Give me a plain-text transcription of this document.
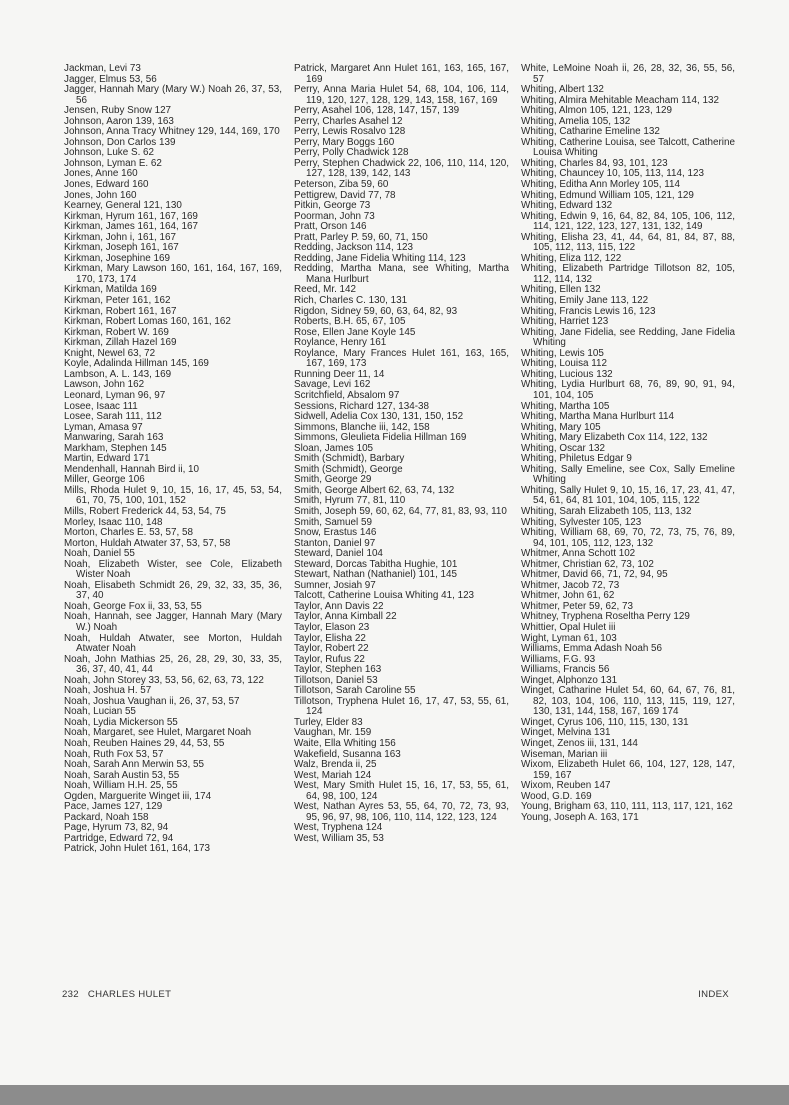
Jackman, Levi 73
Jagger, Elmus 53, 56
Jagger, Hannah Mary (Mary W.) Noah 26, 37, 53, 56
Jensen, Ruby Snow 127
Johnson, Aaron 139, 163
Johnson, Anna Tracy Whitney 129, 144, 169, 170
Johnson, Don Carlos 139
Johnson, Luke S. 62
Johnson, Lyman E. 62
Jones, Anne 160
Jones, Edward 160
Jones, John 160
Kearney, General 121, 130
Kirkman, Hyrum 161, 167, 169
Kirkman, James 161, 164, 167
Kirkman, John i, 161, 167
Kirkman, Joseph 161, 167
Kirkman, Josephine 169
Kirkman, Mary Lawson 160, 161, 164, 167, 169, 170, 173, 174
Kirkman, Matilda 169
Kirkman, Peter 161, 162
Kirkman, Robert 161, 167
Kirkman, Robert Lomas 160, 161, 162
Kirkman, Robert W. 169
Kirkman, Zillah Hazel 169
Knight, Newel 63, 72
Koyle, Adalinda Hillman 145, 169
Lambson, A. L. 143, 169
Lawson, John 162
Leonard, Lyman 96, 97
Losee, Isaac 111
Losee, Sarah 111, 112
Lyman, Amasa 97
Manwaring, Sarah 163
Markham, Stephen 145
Martin, Edward 171
Mendenhall, Hannah Bird ii, 10
Miller, George 106
Mills, Rhoda Hulet 9, 10, 15, 16, 17, 45, 53, 54, 61, 70, 75, 100, 101, 152
Mills, Robert Frederick 44, 53, 54, 75
Morley, Isaac 110, 148
Morton, Charles E. 53, 57, 58
Morton, Huldah Atwater 37, 53, 57, 58
Noah, Daniel 55
Noah, Elizabeth Wister, see Cole, Elizabeth Wister Noah
Noah, Elisabeth Schmidt 26, 29, 32, 33, 35, 36, 37, 40
Noah, George Fox ii, 33, 53, 55
Noah, Hannah, see Jagger, Hannah Mary (Mary W.) Noah
Noah, Huldah Atwater, see Morton, Huldah Atwater Noah
Noah, John Mathias 25, 26, 28, 29, 30, 33, 35, 36, 37, 40, 41, 44
Noah, John Storey 33, 53, 56, 62, 63, 73, 122
Noah, Joshua H. 57
Noah, Joshua Vaughan ii, 26, 37, 53, 57
Noah, Lucian 55
Noah, Lydia Mickerson 55
Noah, Margaret, see Hulet, Margaret Noah
Noah, Reuben Haines 29, 44, 53, 55
Noah, Ruth Fox 53, 57
Noah, Sarah Ann Merwin 53, 55
Noah, Sarah Austin 53, 55
Noah, William H.H. 25, 55
Ogden, Marguerite Winget iii, 174
Pace, James 127, 129
Packard, Noah 158
Page, Hyrum 73, 82, 94
Partridge, Edward 72, 94
Patrick, John Hulet 161, 164, 173
Patrick, Margaret Ann Hulet 161, 163, 165, 167, 169
Perry, Anna Maria Hulet 54, 68, 104, 106, 114, 119, 120, 127, 128, 129, 143, 158, 167, 169
Perry, Asahel 106, 128, 147, 157, 139
Perry, Charles Asahel 12
Perry, Lewis Rosalvo 128
Perry, Mary Boggs 160
Perry, Polly Chadwick 128
Perry, Stephen Chadwick 22, 106, 110, 114, 120, 127, 128, 139, 142, 143
Peterson, Ziba 59, 60
Pettigrew, David 77, 78
Pitkin, George 73
Poorman, John 73
Pratt, Orson 146
Pratt, Parley P. 59, 60, 71, 150
Redding, Jackson 114, 123
Redding, Jane Fidelia Whiting 114, 123
Redding, Martha Mana, see Whiting, Martha Mana Hurlburt
Reed, Mr. 142
Rich, Charles C. 130, 131
Rigdon, Sidney 59, 60, 63, 64, 82, 93
Roberts, B.H. 65, 67, 105
Rose, Ellen Jane Koyle 145
Roylance, Henry 161
Roylance, Mary Frances Hulet 161, 163, 165, 167, 169, 173
Running Deer 11, 14
Savage, Levi 162
Scritchfield, Absalom 97
Sessions, Richard 127, 134-38
Sidwell, Adelia Cox 130, 131, 150, 152
Simmons, Blanche iii, 142, 158
Simmons, Gleulieta Fidelia Hillman 169
Sloan, James 105
Smith (Schmidt), Barbary
Smith (Schmidt), George
Smith, George 29
Smith, George Albert 62, 63, 74, 132
Smith, Hyrum 77, 81, 110
Smith, Joseph 59, 60, 62, 64, 77, 81, 83, 93, 110
Smith, Samuel 59
Snow, Erastus 146
Stanton, Daniel 97
Steward, Daniel 104
Steward, Dorcas Tabitha Hughie, 101
Stewart, Nathan (Nathaniel) 101, 145
Sumner, Josiah 97
Talcott, Catherine Louisa Whiting 41, 123
Taylor, Ann Davis 22
Taylor, Anna Kimball 22
Taylor, Elason 23
Taylor, Elisha 22
Taylor, Robert 22
Taylor, Rufus 22
Taylor, Stephen 163
Tillotson, Daniel 53
Tillotson, Sarah Caroline 55
Tillotson, Tryphena Hulet 16, 17, 47, 53, 55, 61, 124
Turley, Elder 83
Vaughan, Mr. 159
Waite, Ella Whiting 156
Wakefield, Susanna 163
Walz, Brenda ii, 25
West, Mariah 124
West, Mary Smith Hulet 15, 16, 17, 53, 55, 61, 64, 98, 100, 124
West, Nathan Ayres 53, 55, 64, 70, 72, 73, 93, 95, 96, 97, 98, 106, 110, 114, 122, 123, 124
West, Tryphena 124
West, William 35, 53
White, LeMoine Noah ii, 26, 28, 32, 36, 55, 56, 57
Whiting, Albert 132
Whiting, Almira Mehitable Meacham 114, 132
Whiting, Almon 105, 121, 123, 129
Whiting, Amelia 105, 132
Whiting, Catharine Emeline 132
Whiting, Catherine Louisa, see Talcott, Catherine Louisa Whiting
Whiting, Charles 84, 93, 101, 123
Whiting, Chauncey 10, 105, 113, 114, 123
Whiting, Editha Ann Morley 105, 114
Whiting, Edmund William 105, 121, 129
Whiting, Edward 132
Whiting, Edwin 9, 16, 64, 82, 84, 105, 106, 112, 114, 121, 122, 123, 127, 131, 132, 149
Whiting, Elisha 23, 41, 44, 64, 81, 84, 87, 88, 105, 112, 113, 115, 122
Whiting, Eliza 112, 122
Whiting, Elizabeth Partridge Tillotson 82, 105, 112, 114, 132
Whiting, Ellen 132
Whiting, Emily Jane 113, 122
Whiting, Francis Lewis 16, 123
Whiting, Harriet 123
Whiting, Jane Fidelia, see Redding, Jane Fidelia Whiting
Whiting, Lewis 105
Whiting, Louisa 112
Whiting, Lucious 132
Whiting, Lydia Hurlburt 68, 76, 89, 90, 91, 94, 101, 104, 105
Whiting, Martha 105
Whiting, Martha Mana Hurlburt 114
Whiting, Mary 105
Whiting, Mary Elizabeth Cox 114, 122, 132
Whiting, Oscar 132
Whiting, Philetus Edgar 9
Whiting, Sally Emeline, see Cox, Sally Emeline Whiting
Whiting, Sally Hulet 9, 10, 15, 16, 17, 23, 41, 47, 54, 61, 64, 81 101, 104, 105, 115, 122
Whiting, Sarah Elizabeth 105, 113, 132
Whiting, Sylvester 105, 123
Whiting, William 68, 69, 70, 72, 73, 75, 76, 89, 94, 101, 105, 112, 123, 132
Whitmer, Anna Schott 102
Whitmer, Christian 62, 73, 102
Whitmer, David 66, 71, 72, 94, 95
Whitmer, Jacob 72, 73
Whitmer, John 61, 62
Whitmer, Peter 59, 62, 73
Whitney, Tryphena Roseltha Perry 129
Whittier, Opal Hulet iii
Wight, Lyman 61, 103
Williams, Emma Adash Noah 56
Williams, F.G. 93
Williams, Francis 56
Winget, Alphonzo 131
Winget, Catharine Hulet 54, 60, 64, 67, 76, 81, 82, 103, 104, 106, 110, 113, 115, 119, 127, 130, 131, 144, 158, 167, 169 174
Winget, Cyrus 106, 110, 115, 130, 131
Winget, Melvina 131
Winget, Zenos iii, 131, 144
Wiseman, Marian iii
Wixom, Elizabeth Hulet 66, 104, 127, 128, 147, 159, 167
Wixom, Reuben 147
Wood, G.D. 169
Young, Brigham 63, 110, 111, 113, 117, 121, 162
Young, Joseph A. 163, 171
232 CHARLES HULET	INDEX
